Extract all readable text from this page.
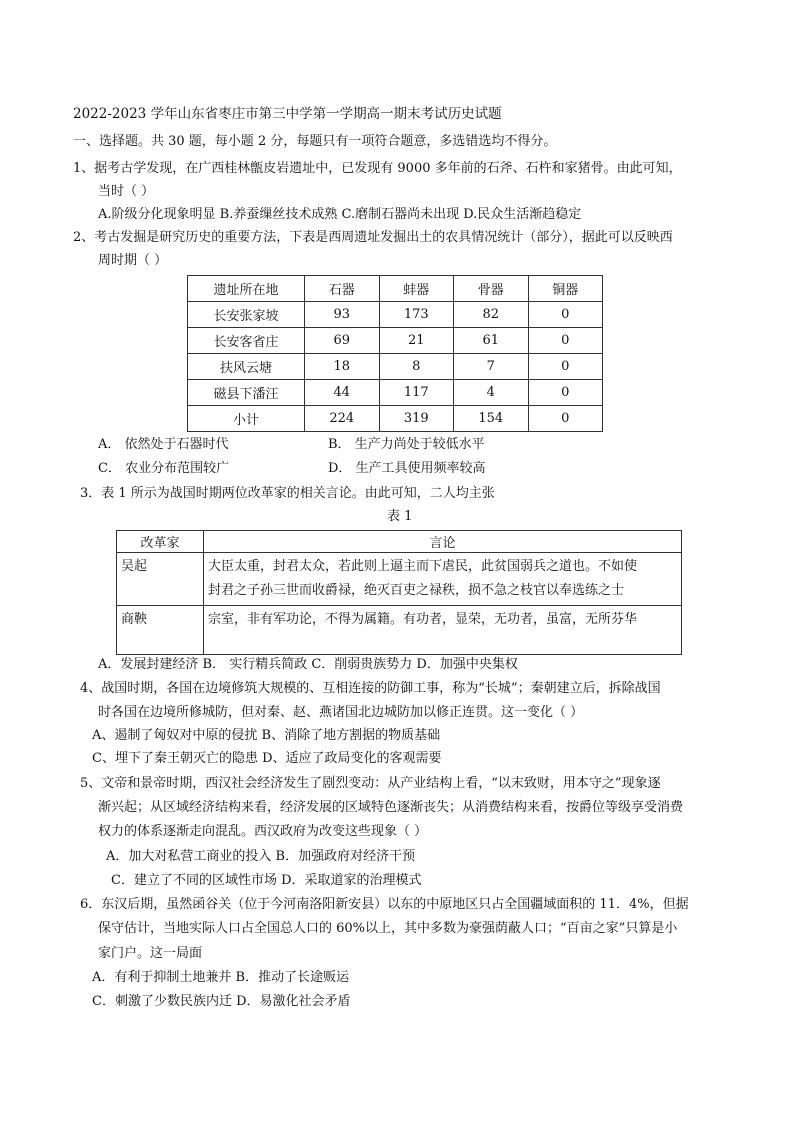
2022-2023 学年山东省枣庄市第三中学第一学期高一期末考试历史试题
一、选择题。共 30 题，每小题 2 分，每题只有一项符合题意，多选错选均不得分。
1、据考古学发现，在广西桂林甑皮岩遗址中，已发现有 9000 多年前的石斧、石杵和家猪骨。由此可知，
当时（ ）
A.阶级分化现象明显 B.养蚕缫丝技术成熟 C.磨制石器尚未出现 D.民众生活渐趋稳定
2、考古发掘是研究历史的重要方法，下表是西周遗址发掘出土的农具情况统计（部分），据此可以反映西
周时期（ ）
遗址所在地	石器	蚌器	骨器	铜器
长安张家坡	93	173	82	0
长安客省庄	69	21	61	0
扶风云塘	18	8	7	0
磁县下潘汪	44	117	4	0
小计	224	319	154	0
A． 依然处于石器时代	B． 生产力尚处于较低水平
C． 农业分布范围较广	D． 生产工具使用频率较高
3．表 1 所示为战国时期两位改革家的相关言论。由此可知，二人均主张
表 1
改革家	言论
吴起	大臣太重，封君太众，若此则上逼主而下虐民，此贫国弱兵之道也。不如使
封君之子孙三世而收爵禄，绝灭百吏之禄秩，损不急之枝官以奉选练之士

商鞅	宗室，非有军功论，不得为属籍。有功者，显荣，无功者，虽富，无所芬华
A．发展封建经济 B． 实行精兵简政 C．削弱贵族势力 D．加强中央集权
4、战国时期，各国在边境修筑大规模的、互相连接的防御工事，称为“长城”；秦朝建立后，拆除战国
时各国在边境所修城防，但对秦、赵、燕诸国北边城防加以修正连贯。这一变化（ ）
A、遏制了匈奴对中原的侵扰 B、消除了地方割据的物质基础
C、埋下了秦王朝灭亡的隐患 D、适应了政局变化的客观需要
5、文帝和景帝时期，西汉社会经济发生了剧烈变动：从产业结构上看，“以末致财，用本守之”现象逐
渐兴起；从区域经济结构来看，经济发展的区域特色逐渐丧失；从消费结构来看，按爵位等级享受消费
权力的体系逐渐走向混乱。西汉政府为改变这些现象（ ）
A．加大对私营工商业的投入 B．加强政府对经济干预
C．建立了不同的区域性市场 D．采取道家的治理模式
6．东汉后期，虽然函谷关（位于今河南洛阳新安县）以东的中原地区只占全国疆域面积的 11．4%，但据
保守估计，当地实际人口占全国总人口的 60%以上，其中多数为豪强荫蔽人口；“百亩之家”只算是小
家门户。这一局面
A．有利于抑制土地兼并 B．推动了长途贩运
C．刺激了少数民族内迁 D．易激化社会矛盾
